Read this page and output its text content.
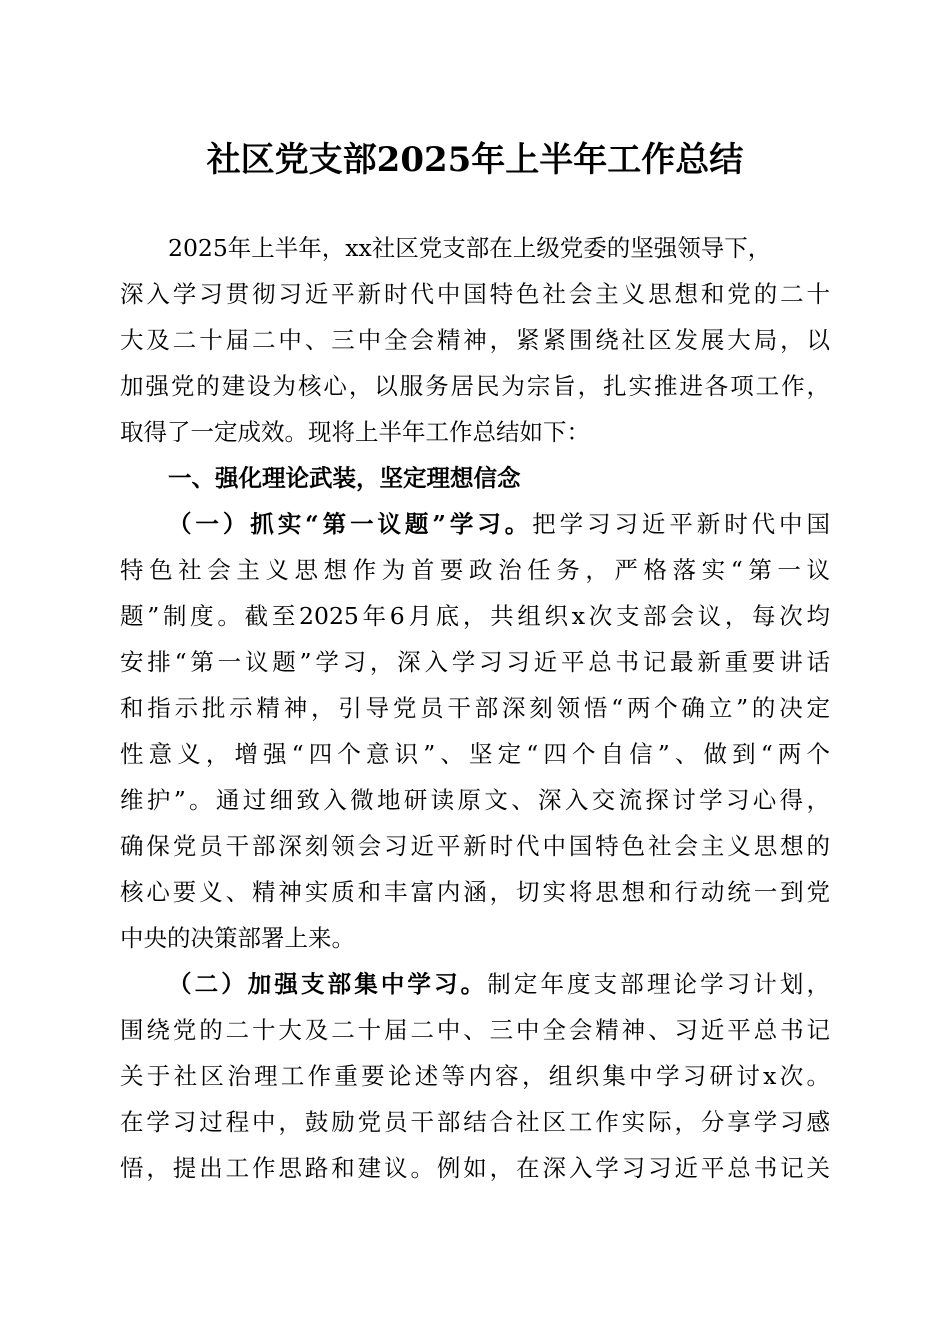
社区党支部2025年上半年工作总结

2025年上半年，xx社区党支部在上级党委的坚强领导下，

深入学习贯彻习近平新时代中国特色社会主义思想和党的二十

大及二十届二中、三中全会精神，紧紧围绕社区发展大局，以

加强党的建设为核心，以服务居民为宗旨，扎实推进各项工作，

取得了一定成效。现将上半年工作总结如下：

一、强化理论武装，坚定理想信念

（一）抓实“第一议题”学习。把学习习近平新时代中国

特色社会主义思想作为首要政治任务，严格落实“第一议

题”制度。截至2025年6月底，共组织x次支部会议，每次均

安排“第一议题”学习，深入学习习近平总书记最新重要讲话

和指示批示精神，引导党员干部深刻领悟“两个确立”的决定

性意义，增强“四个意识”、坚定“四个自信”、做到“两个

维护”。通过细致入微地研读原文、深入交流探讨学习心得，

确保党员干部深刻领会习近平新时代中国特色社会主义思想的

核心要义、精神实质和丰富内涵，切实将思想和行动统一到党

中央的决策部署上来。

（二）加强支部集中学习。制定年度支部理论学习计划，

围绕党的二十大及二十届二中、三中全会精神、习近平总书记

关于社区治理工作重要论述等内容，组织集中学习研讨x次。

在学习过程中，鼓励党员干部结合社区工作实际，分享学习感

悟，提出工作思路和建议。例如，在深入学习习近平总书记关
